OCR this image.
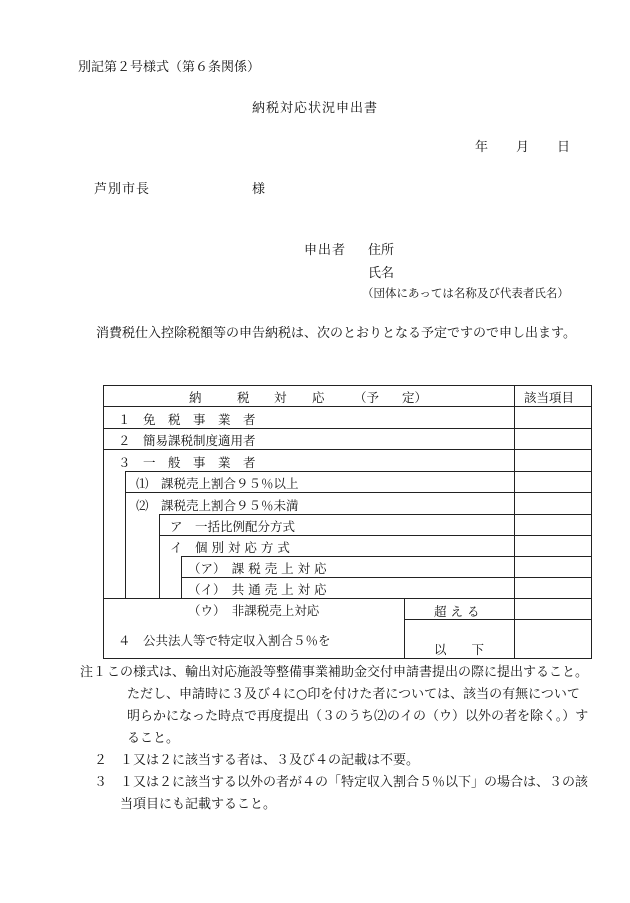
別記第２号様式（第６条関係）
納税対応状況申出書
年 月 日
芦別市長	様
申出者 住所
氏名
（団体にあっては名称及び代表者氏名）
消費税仕入控除税額等の申告納税は、次のとおりとなる予定ですので申し出ます。
納	税 対 応 （予 定）	該当項目
１　免　税　事　業　者
２　簡易課税制度適用者
３　一　般　事　業　者
⑴　課税売上割合９５％以上
⑵　課税売上割合９５％未満
ア　一括比例配分方式
イ　個 別 対 応 方 式
（ア）　課 税 売 上 対 応
（イ）　共 通 売 上 対 応
（ウ）　非課税売上対応
４　公共法人等で特定収入割合５％を
超 え る
以　　下
注１ この様式は、輸出対応施設等整備事業補助金交付申請書提出の際に提出すること。
ただし、申請時に３及び４に○印を付けた者については、該当の有無について明らかになった時点で再度提出（３のうち⑵のイの（ウ）以外の者を除く。）すること。
２ １又は２に該当する者は、３及び４の記載は不要。
３ １又は２に該当する以外の者が４の「特定収入割合５％以下」の場合は、３の該当項目にも記載すること。
